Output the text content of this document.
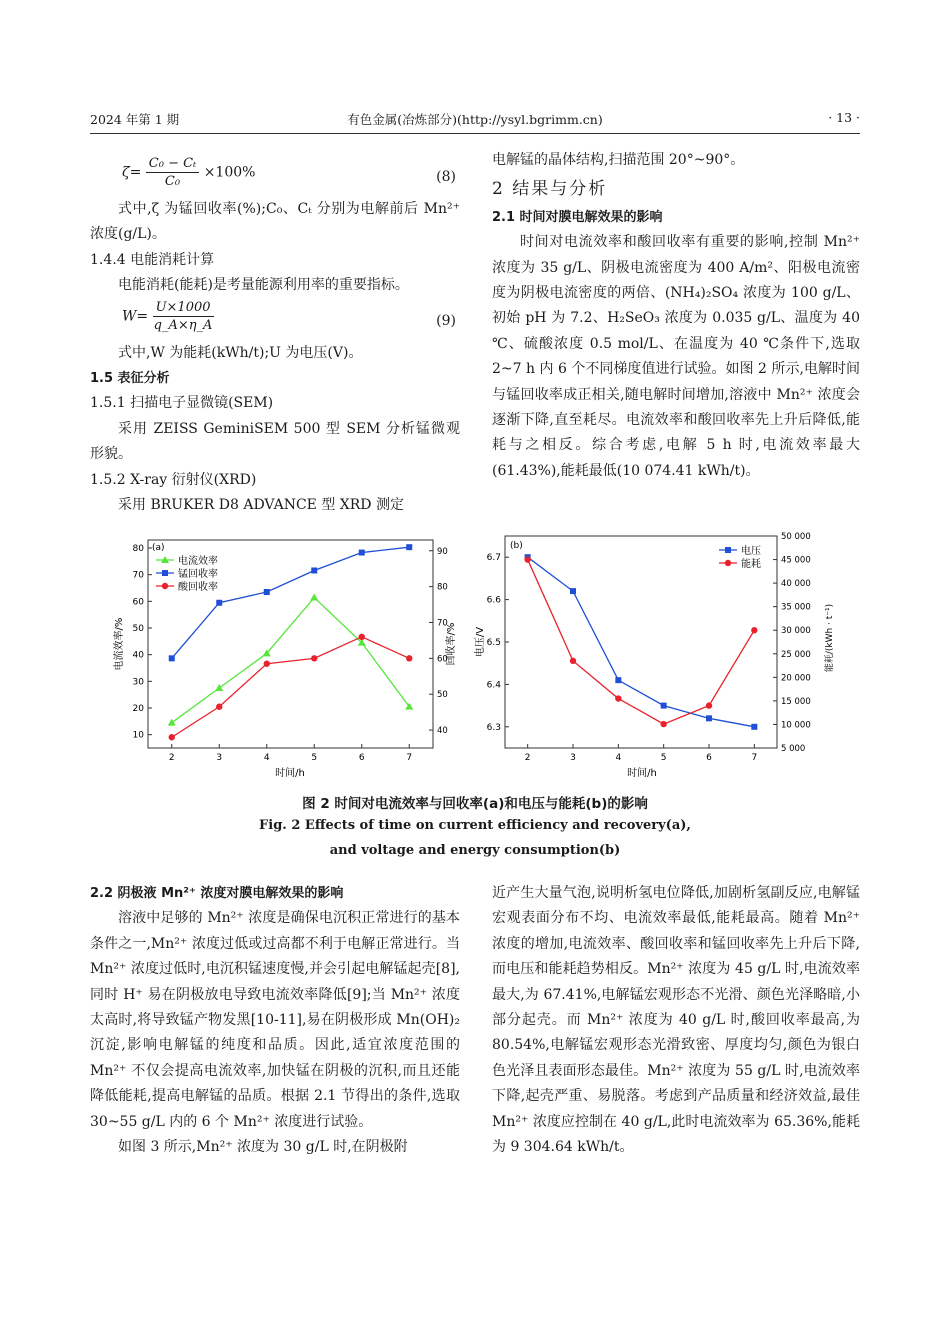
2024 年第 1 期	有色金属(冶炼部分)(http://ysyl.bgrimm.cn)	· 13 ·
$\zeta= \frac{\text{C₀ − Cₜ}}{\text{C₀}} \times 100\%$	(8)

式中,ζ 为锰回收率(%);C₀、Cₜ 分别为电解前后 Mn²⁺ 浓度(g/L)。

1.4.4 电能消耗计算

电能消耗(能耗)是考量能源利用率的重要指标。

$W= \frac{U\times 1000}{q\_A\times\eta\_A}$	(9)

式中,W 为能耗(kWh/t);U 为电压(V)。

1.5 表征分析

1.5.1 扫描电子显微镜(SEM)

采用 ZEISS GeminiSEM 500 型 SEM 分析锰微观形貌。

1.5.2 X-ray 衍射仪(XRD)

采用 BRUKER D8 ADVANCE 型 XRD 测定

电解锰的晶体结构,扫描范围 20°~90°。

2 结果与分析

2.1 时间对膜电解效果的影响

时间对电流效率和酸回收率有重要的影响,控制 Mn²⁺ 浓度为 35 g/L、阴极电流密度为 400 A/m²、阳极电流密度为阴极电流密度的两倍、(NH₄)₂SO₄ 浓度为 100 g/L、初始 pH 为 7.2、H₂SeO₃ 浓度为 0.035 g/L、温度为 40 ℃、硫酸浓度 0.5 mol/L、在温度为 40 ℃条件下,选取 2~7 h 内 6 个不同梯度值进行试验。如图 2 所示,电解时间与锰回收率成正相关,随电解时间增加,溶液中 Mn²⁺ 浓度会逐渐下降,直至耗尽。电流效率和酸回收率先上升后降低,能耗与之相反。综合考虑,电解 5 h 时,电流效率最大(61.43%),能耗最低(10 074.41 kWh/t)。

(a)
时间/h
电流效率/%	回收率/%
2	3	4	5	6	7
10
20
30
40
50
60
70
80
40
50
60
70
80
90
电流效率
锰回收率
酸回收率
(b)
时间/h
电压/V	能耗/(kWh · t⁻¹)
2	3	4	5	6	7
6.3
6.4
6.5
6.6
6.7
5 000
10 000
15 000
20 000
25 000
30 000
35 000
40 000
45 000
50 000
电压
能耗
图 2 时间对电流效率与回收率(a)和电压与能耗(b)的影响
Fig. 2 Effects of time on current efficiency and recovery(a),
and voltage and energy consumption(b)

2.2 阴极液 Mn²⁺ 浓度对膜电解效果的影响

溶液中足够的 Mn²⁺ 浓度是确保电沉积正常进行的基本条件之一,Mn²⁺ 浓度过低或过高都不利于电解正常进行。当 Mn²⁺ 浓度过低时,电沉积锰速度慢,并会引起电解锰起壳[8],同时 H⁺ 易在阴极放电导致电流效率降低[9];当 Mn²⁺ 浓度太高时,将导致锰产物发黑[10-11],易在阴极形成 Mn(OH)₂ 沉淀,影响电解锰的纯度和品质。因此,适宜浓度范围的 Mn²⁺ 不仅会提高电流效率,加快锰在阴极的沉积,而且还能降低能耗,提高电解锰的品质。根据 2.1 节得出的条件,选取 30~55 g/L 内的 6 个 Mn²⁺ 浓度进行试验。

如图 3 所示,Mn²⁺ 浓度为 30 g/L 时,在阴极附

近产生大量气泡,说明析氢电位降低,加剧析氢副反应,电解锰宏观表面分布不均、电流效率最低,能耗最高。随着 Mn²⁺ 浓度的增加,电流效率、酸回收率和锰回收率先上升后下降,而电压和能耗趋势相反。Mn²⁺ 浓度为 45 g/L 时,电流效率最大,为 67.41%,电解锰宏观形态不光滑、颜色光泽略暗,小部分起壳。而 Mn²⁺ 浓度为 40 g/L 时,酸回收率最高,为 80.54%,电解锰宏观形态光滑致密、厚度均匀,颜色为银白色光泽且表面形态最佳。Mn²⁺ 浓度为 55 g/L 时,电流效率下降,起壳严重、易脱落。考虑到产品质量和经济效益,最佳 Mn²⁺ 浓度应控制在 40 g/L,此时电流效率为 65.36%,能耗为 9 304.64 kWh/t。
